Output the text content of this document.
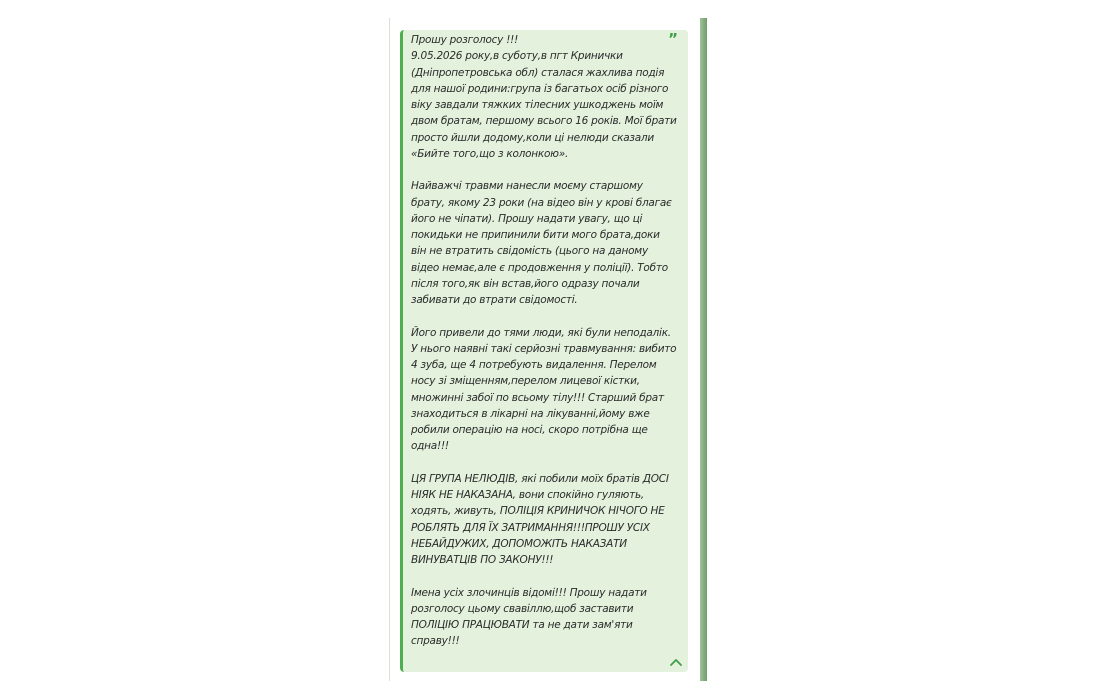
”
Прошу розголосу !!!
9.05.2026 року,в суботу,в пгт Кринички (Дніпропетровська обл) сталася жахлива подія для нашої родини:група із багатьох осіб різного віку завдали тяжких тілесних ушкоджень моїм двом братам, першому всього 16 років. Мої брати просто йшли додому,коли ці нелюди сказали «Бийте того,що з колонкою».

Найважчі травми нанесли моєму старшому брату, якому 23 роки (на відео він у крові благає його не чіпати). Прошу надати увагу, що ці покидьки не припинили бити мого брата,доки він не втратить свідомість (цього на даному відео немає,але є продовження у поліції). Тобто після того,як він встав,його одразу почали забивати до втрати свідомості.

Його привели до тями люди, які були неподалік. У нього наявні такі серйозні травмування: вибито 4 зуба, ще 4 потребують видалення. Перелом носу зі зміщенням,перелом лицевої кістки, множинні забої по всьому тілу!!! Старший брат знаходиться в лікарні на лікуванні,йому вже робили операцію на носі, скоро потрібна ще одна!!!

ЦЯ ГРУПА НЕЛЮДІВ, які побили моїх братів ДОСІ НІЯК НЕ НАКАЗАНА, вони спокійно гуляють, ходять, живуть, ПОЛІЦІЯ КРИНИЧОК НІЧОГО НЕ РОБЛЯТЬ ДЛЯ ЇХ ЗАТРИМАННЯ!!!ПРОШУ УСІХ НЕБАЙДУЖИХ, ДОПОМОЖІТЬ НАКАЗАТИ ВИНУВАТЦІВ ПО ЗАКОНУ!!!

Імена усіх злочинців відомі!!! Прошу надати розголосу цьому свавіллю,щоб заставити ПОЛІЦІЮ ПРАЦЮВАТИ та не дати зам'яти справу!!!
